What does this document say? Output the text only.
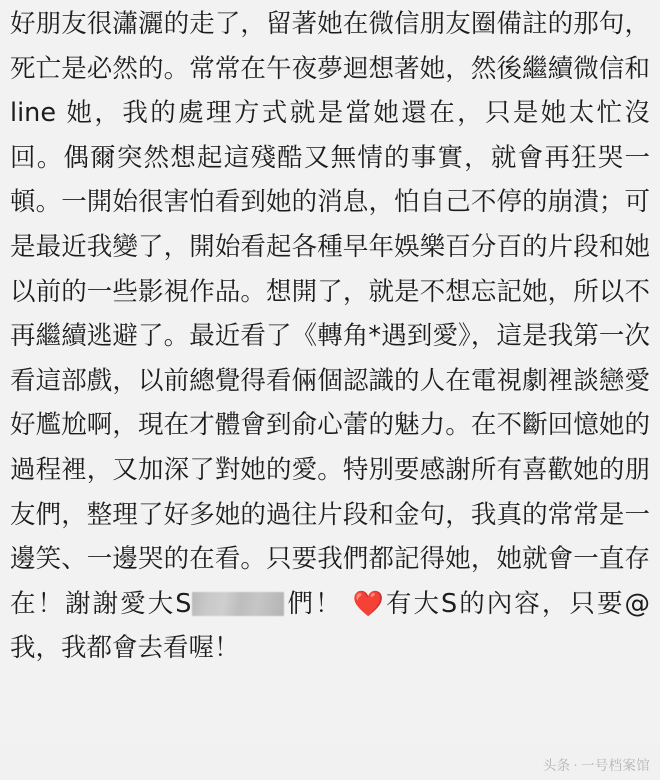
好朋友很瀟灑的走了，留著她在微信朋友圈備註的那句，死亡是必然的。常常在午夜夢迴想著她，然後繼續微信和 line 她，我的處理方式就是當她還在，只是她太忙沒回。偶爾突然想起這殘酷又無情的事實，就會再狂哭一頓。一開始很害怕看到她的消息，怕自己不停的崩潰；可是最近我變了，開始看起各種早年娛樂百分百的片段和她以前的一些影視作品。想開了，就是不想忘記她，所以不再繼續逃避了。最近看了《轉角*遇到愛》，這是我第一次看這部戲，以前總覺得看倆個認識的人在電視劇裡談戀愛好尷尬啊，現在才體會到俞心蕾的魅力。在不斷回憶她的過程裡，又加深了對她的愛。特別要感謝所有喜歡她的朋友們，整理了好多她的過往片段和金句，我真的常常是一邊笑、一邊哭的在看。只要我們都記得她，她就會一直存在！謝謝愛大S	們！ ❤️有大S的內容，只要@我，我都會去看喔！
头条 · 一号档案馆
